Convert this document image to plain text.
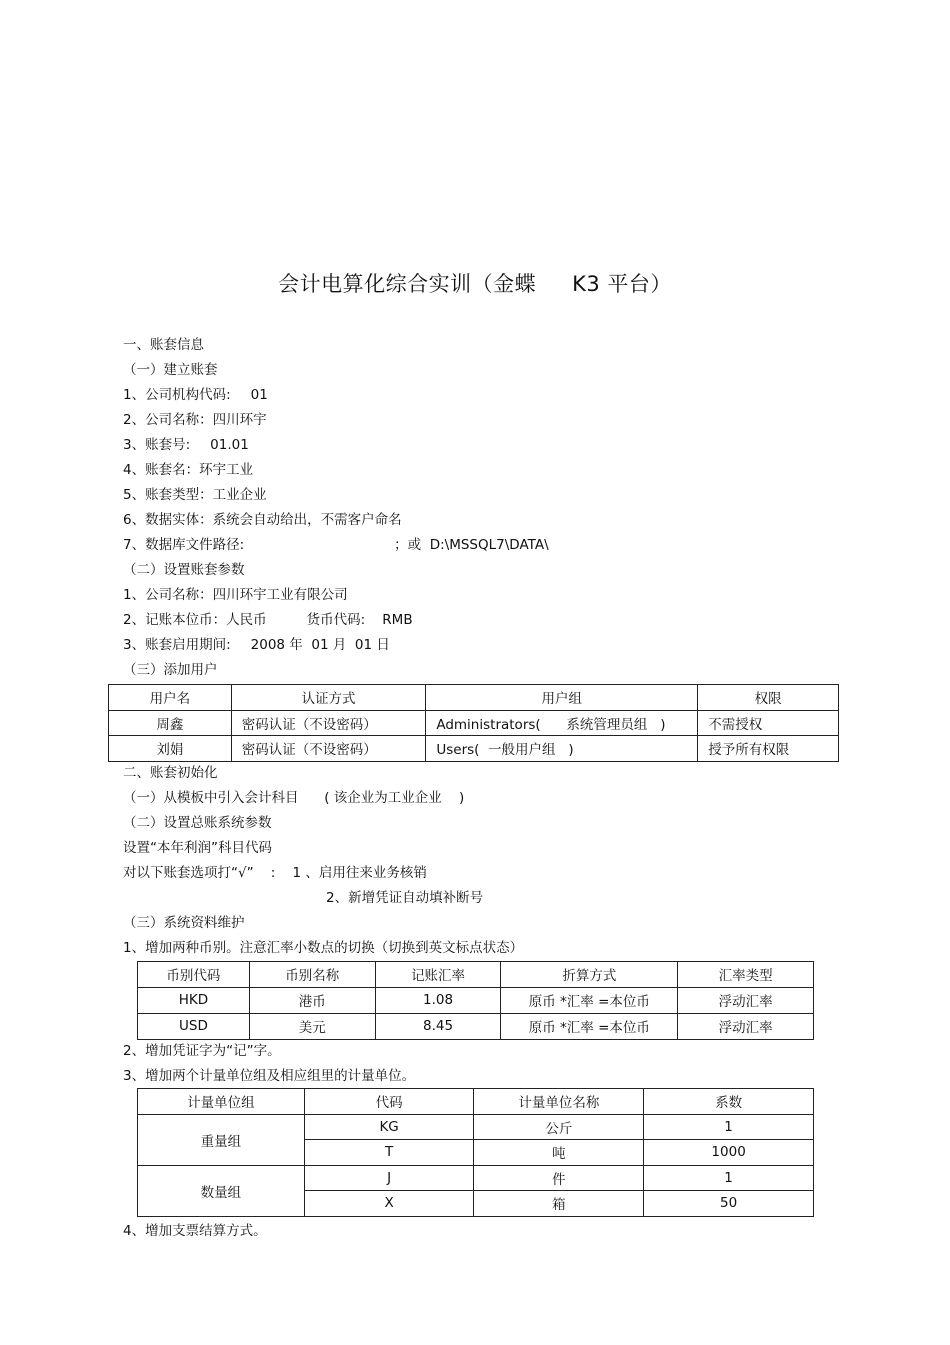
会计电算化综合实训（金蝶 K3 平台）
一、账套信息
（一）建立账套
1、公司机构代码: 01
2、公司名称：四川环宇
3、账套号: 01.01
4、账套名：环宇工业
5、账套类型：工业企业
6、数据实体：系统会自动给出，不需客户命名
7、数据库文件路径:	；或  D:\MSSQL7\DATA\
（二）设置账套参数
1、公司名称：四川环宇工业有限公司
2、记账本位币：人民币	货币代码:    RMB
3、账套启用期间: 2008 年  01 月  01 日
（三）添加用户
用户名	认证方式	用户组	权限
周鑫	密码认证（不设密码）	Administrators(      系统管理员组   )	不需授权
刘娟	密码认证（不设密码）	Users(  一般用户组   )	授予所有权限
二、账套初始化
（一）从模板中引入会计科目      ( 该企业为工业企业    )
（二）设置总账系统参数
设置“本年利润”科目代码
对以下账套选项打“√”    :    1 、启用往来业务核销
2、新增凭证自动填补断号
（三）系统资料维护
1、增加两种币别。注意汇率小数点的切换（切换到英文标点状态）
币别代码	币别名称	记账汇率	折算方式	汇率类型
HKD	港币	1.08	原币 *汇率 =本位币	浮动汇率
USD	美元	8.45	原币 *汇率 =本位币	浮动汇率
2、增加凭证字为“记”字。
3、增加两个计量单位组及相应组里的计量单位。
计量单位组	代码	计量单位名称	系数
重量组	KG	公斤	1
	T	吨	1000
数量组	J	件	1
	X	箱	50
4、增加支票结算方式。
